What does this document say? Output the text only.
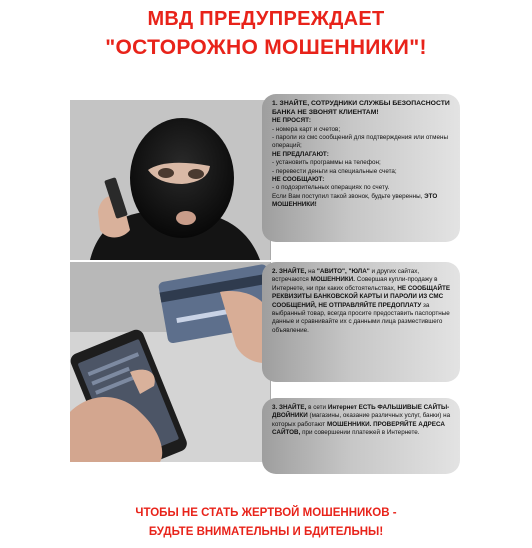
МВД ПРЕДУПРЕЖДАЕТ
"ОСТОРОЖНО МОШЕННИКИ"!

1. ЗНАЙТЕ, СОТРУДНИКИ СЛУЖБЫ БЕЗОПАСНОСТИ БАНКА НЕ ЗВОНЯТ КЛИЕНТАМ!

НЕ ПРОСЯТ:

- номера карт и счетов;

- пароли из смс сообщений для подтверждения или отмены операций;

НЕ ПРЕДЛАГАЮТ:

- установить программы на телефон;

- перевести деньги на специальные счета;

НЕ СООБЩАЮТ:

- о подозрительных операциях по счету.

Если Вам поступил такой звонок, будьте уверенны, ЭТО МОШЕННИКИ!

2. ЗНАЙТЕ, на "АВИТО", "ЮЛА" и других сайтах, встречаются МОШЕННИКИ. Совершая купли-продажу в Интернете, ни при каких обстоятельствах, НЕ СООБЩАЙТЕ РЕКВИЗИТЫ БАНКОВСКОЙ КАРТЫ И ПАРОЛИ ИЗ СМС СООБЩЕНИЙ, НЕ ОТПРАВЛЯЙТЕ ПРЕДОПЛАТУ за выбранный товар, всегда просите предоставить паспортные данные и сравнивайте их с данными лица разместившего объявление.

3. ЗНАЙТЕ, в сети Интернет ЕСТЬ ФАЛЬШИВЫЕ САЙТЫ-ДВОЙНИКИ (магазины, оказание различных услуг, банки) на которых работают МОШЕННИКИ. ПРОВЕРЯЙТЕ АДРЕСА САЙТОВ, при совершении платежей в Интернете.

ЧТОБЫ НЕ СТАТЬ ЖЕРТВОЙ МОШЕННИКОВ -
БУДЬТЕ ВНИМАТЕЛЬНЫ И БДИТЕЛЬНЫ!
